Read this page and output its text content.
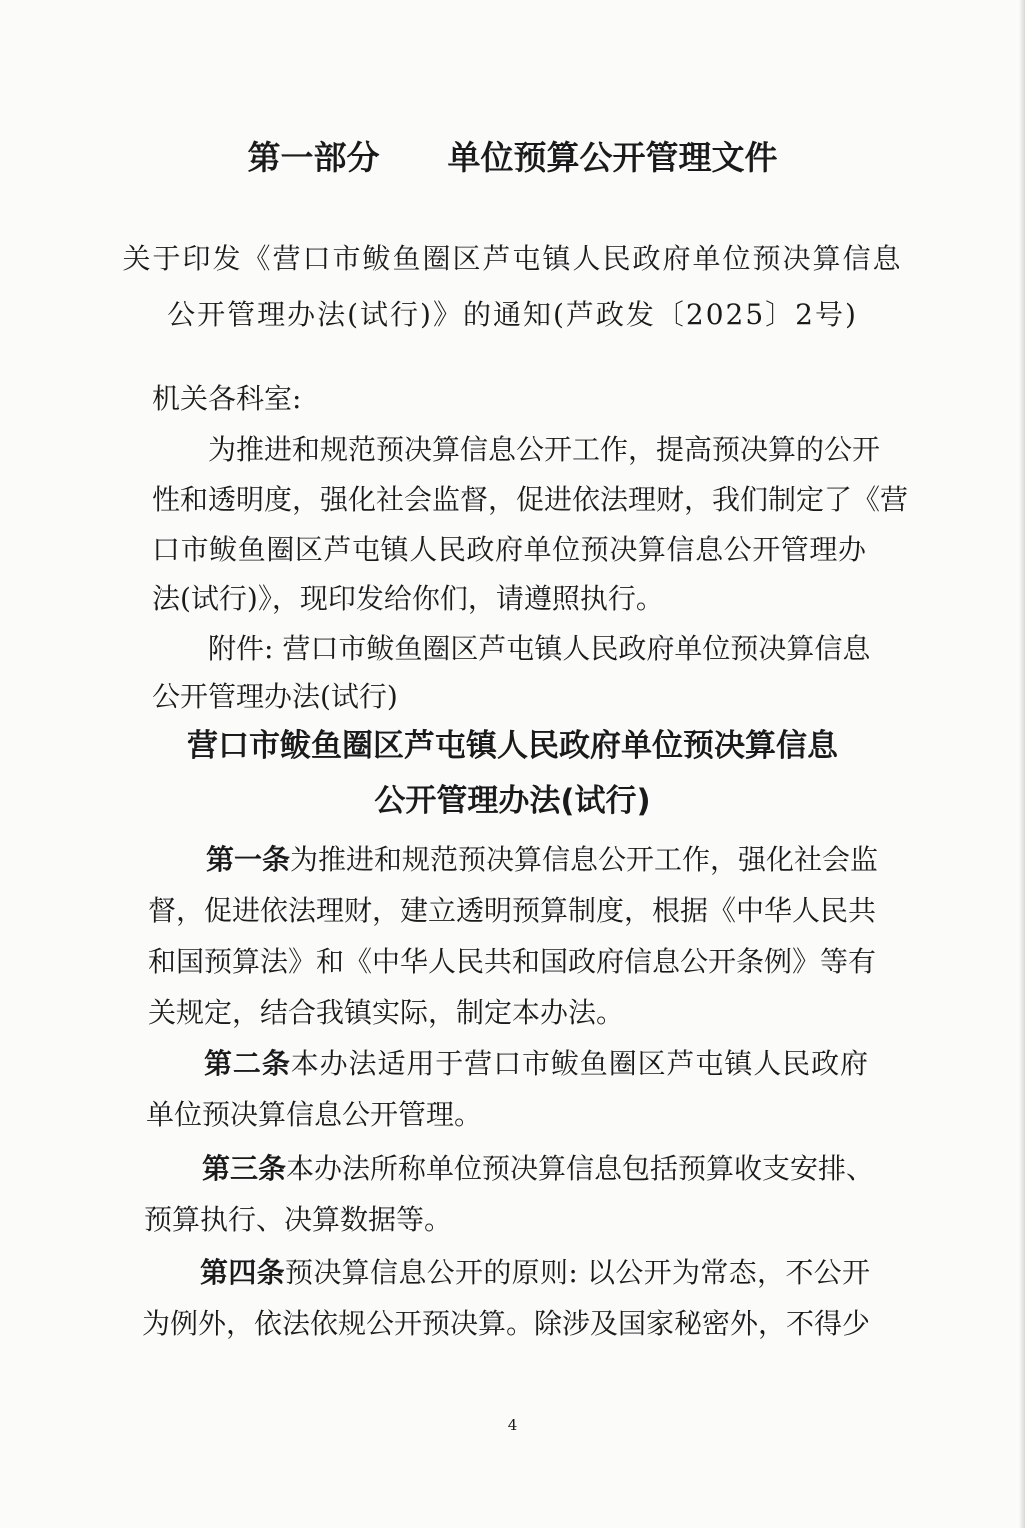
第一部分 单位预算公开管理文件
关于印发《营口市鲅鱼圈区芦屯镇人民政府单位预决算信息
公开管理办法(试行)》的通知(芦政发〔2025〕2号)
机关各科室:
为推进和规范预决算信息公开工作，提高预决算的公开
性和透明度，强化社会监督，促进依法理财，我们制定了《营
口市鲅鱼圈区芦屯镇人民政府单位预决算信息公开管理办
法(试行)》，现印发给你们，请遵照执行。
附件: 营口市鲅鱼圈区芦屯镇人民政府单位预决算信息
公开管理办法(试行)
营口市鲅鱼圈区芦屯镇人民政府单位预决算信息
公开管理办法(试行)
第一条为推进和规范预决算信息公开工作，强化社会监
督，促进依法理财，建立透明预算制度，根据《中华人民共
和国预算法》和《中华人民共和国政府信息公开条例》等有
关规定，结合我镇实际，制定本办法。
第二条本办法适用于营口市鲅鱼圈区芦屯镇人民政府
单位预决算信息公开管理。
第三条本办法所称单位预决算信息包括预算收支安排、
预算执行、决算数据等。
第四条预决算信息公开的原则: 以公开为常态，不公开
为例外，依法依规公开预决算。除涉及国家秘密外，不得少
4
